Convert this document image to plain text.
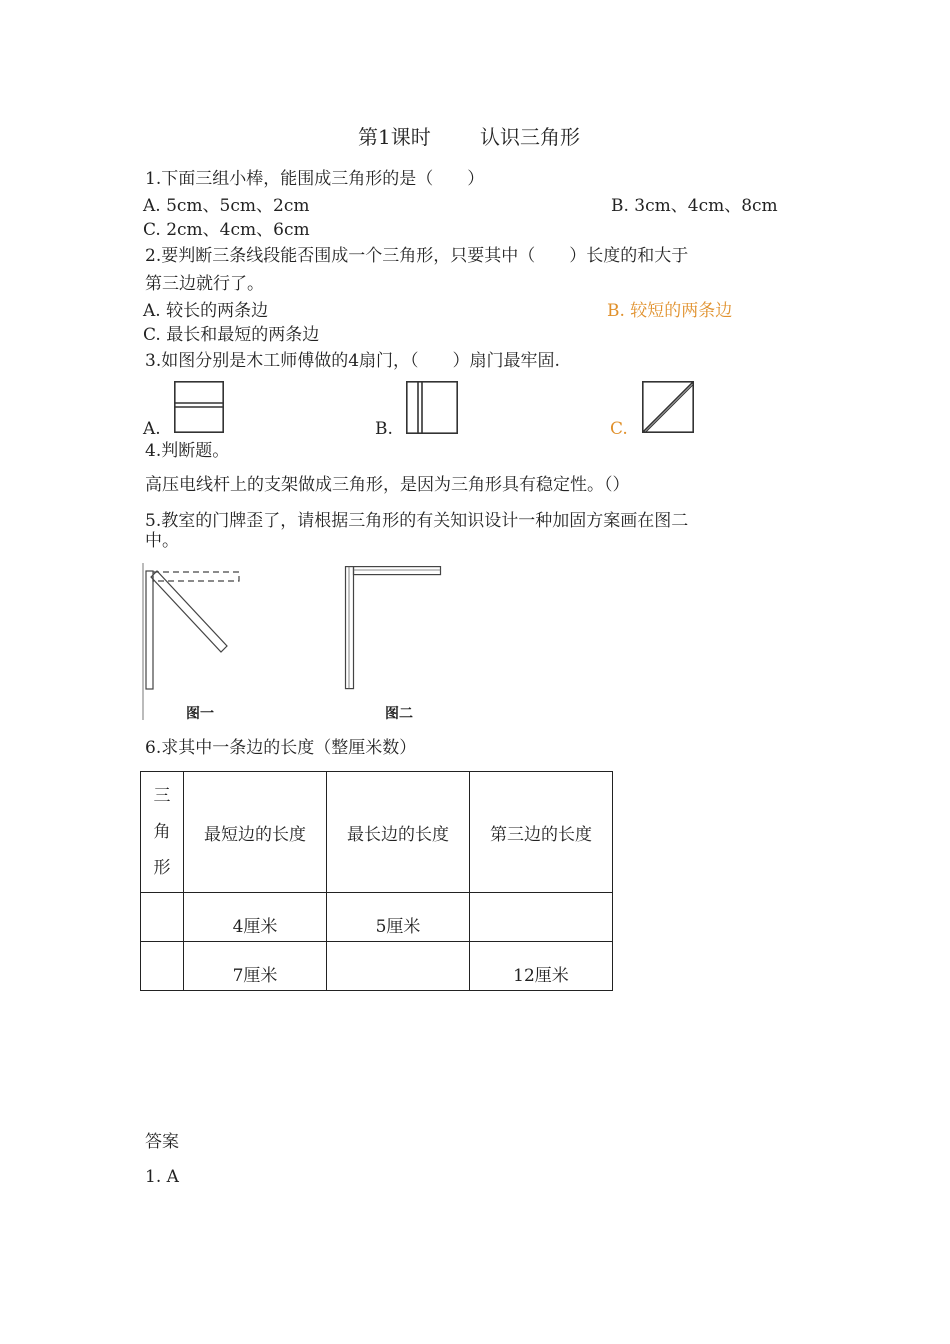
第1课时 认识三角形
1.下面三组小棒，能围成三角形的是（　　）
A. 5cm、5cm、2cm	B. 3cm、4cm、8cm
C. 2cm、4cm、6cm
2.要判断三条线段能否围成一个三角形，只要其中（　　）长度的和大于
第三边就行了。
A. 较长的两条边	B. 较短的两条边
C. 最长和最短的两条边
3.如图分别是木工师傅做的4扇门，（　　）扇门最牢固.
A.	B.	C.
4.判断题。
高压电线杆上的支架做成三角形，是因为三角形具有稳定性。（）
5.教室的门牌歪了，请根据三角形的有关知识设计一种加固方案画在图二
中。
图一	图二
6.求其中一条边的长度（整厘米数）
三
角
形	最短边的长度	最长边的长度	第三边的长度
	4厘米	5厘米	
	7厘米		12厘米
答案
1. A
